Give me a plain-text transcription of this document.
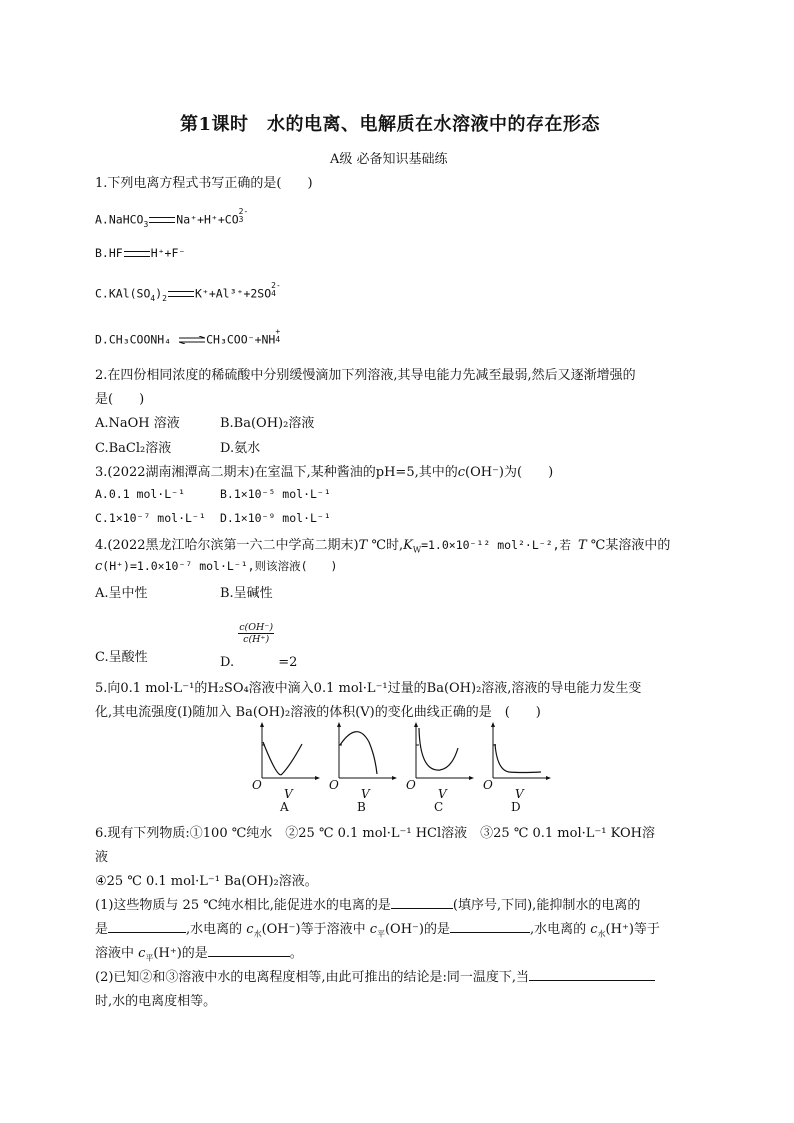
第1课时　水的电离、电解质在水溶液中的存在形态
A级 必备知识基础练
1.下列电离方程式书写正确的是(　　)
A.NaHCO$_3$ Na⁺+H⁺+CO
2-
3
B.HF H⁺+F⁻
$C.KAl(SO_4)_2$ K⁺+Al³⁺+2SO
2-
4
D.CH₃COONH₄ ⇌CH₃COO⁻+NH
+
4
2.在四份相同浓度的稀硫酸中分别缓慢滴加下列溶液,其导电能力先减至最弱,然后又逐渐增强的
是(　　)
A.NaOH 溶液	B.Ba(OH)₂溶液
C.BaCl₂溶液	D.氨水
3.(2022湖南湘潭高二期末)在室温下,某种酱油的pH=5,其中的c(OH⁻)为(　　)
A.0.1 mol·L⁻¹	B.1×10⁻⁵ mol·L⁻¹
C.1×10⁻⁷ mol·L⁻¹ D.1×10⁻⁹ mol·L⁻¹
4.(2022黑龙江哈尔滨第一六二中学高二期末)T ℃时$,K_W=1.0\times 10^{-12}$ mol²·L⁻²,若 T ℃某溶液中的
c(H⁺)=1.0×10⁻⁷ mol·L⁻¹,则该溶液(　　)
A.呈中性	B.呈碱性
C.呈酸性	D.
$\frac{c(OH^-)}{c(H^+)} =2$
5.向0.1 mol·L⁻¹的H₂SO₄溶液中滴入0.1 mol·L⁻¹过量的Ba(OH)₂溶液,溶液的导电能力发生变
化,其电流强度(I)随加入 Ba(OH)₂溶液的体积(V)的变化曲线正确的是　(　　)
O
V
A
O
V
B
O
V
C
O
V
D
6.现有下列物质:①100 ℃纯水　②25 ℃ 0.1 mol·L⁻¹ HCl溶液　③25 ℃ 0.1 mol·L⁻¹ KOH溶
液
④25 ℃ 0.1 mol·L⁻¹ Ba(OH)₂溶液。
(1)这些物质与 25 ℃纯水相比,能促进水的电离的是	(填序号,下同),能抑制水的电离的
是	,水电离的 $c_水(OH^-)$等于溶液中 $c_平(OH^-)$的是	,水电离的 $c_水(H^+)$等于
溶液中 $c_平(H^+)$的是	。
(2)已知②和③溶液中水的电离程度相等,由此可推出的结论是:同一温度下,当
时,水的电离度相等。
